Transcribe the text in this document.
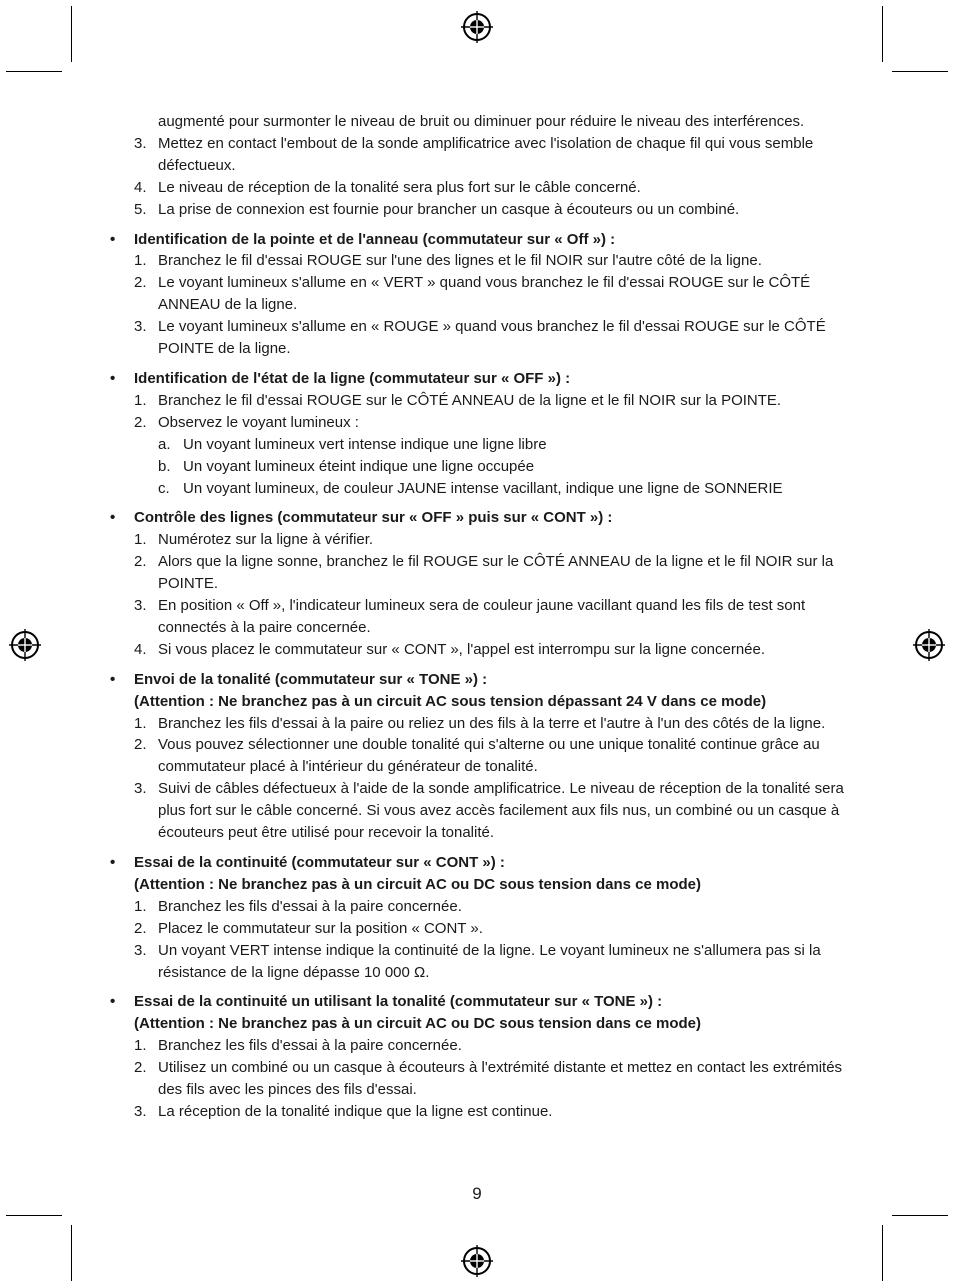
augmenté pour surmonter le niveau de bruit ou diminuer pour réduire le niveau des interférences.
3. Mettez en contact l'embout de la sonde amplificatrice avec l'isolation de chaque fil qui vous semble défectueux.
4. Le niveau de réception de la tonalité sera plus fort sur le câble concerné.
5. La prise de connexion est fournie pour brancher un casque à écouteurs ou un combiné.
• Identification de la pointe et de l'anneau (commutateur sur « Off ») :
1. Branchez le fil d'essai ROUGE sur l'une des lignes et le fil NOIR sur l'autre côté de la ligne.
2. Le voyant lumineux s'allume en « VERT » quand vous branchez le fil d'essai ROUGE sur le CÔTÉ ANNEAU de la ligne.
3. Le voyant lumineux s'allume en « ROUGE » quand vous branchez le fil d'essai ROUGE sur le CÔTÉ POINTE de la ligne.
• Identification de l'état de la ligne (commutateur sur « OFF ») :
1. Branchez le fil d'essai ROUGE sur le CÔTÉ ANNEAU de la ligne et le fil NOIR sur la POINTE.
2. Observez le voyant lumineux :
a. Un voyant lumineux vert intense indique une ligne libre
b. Un voyant lumineux éteint indique une ligne occupée
c. Un voyant lumineux, de couleur JAUNE intense vacillant, indique une ligne de SONNERIE
• Contrôle des lignes (commutateur sur « OFF » puis sur « CONT ») :
1. Numérotez sur la ligne à vérifier.
2. Alors que la ligne sonne, branchez le fil ROUGE sur le CÔTÉ ANNEAU de la ligne et le fil NOIR sur la POINTE.
3. En position « Off », l'indicateur lumineux sera de couleur jaune vacillant quand les fils de test sont connectés à la paire concernée.
4. Si vous placez le commutateur sur « CONT », l'appel est interrompu sur la ligne concernée.
• Envoi de la tonalité (commutateur sur « TONE ») :
(Attention : Ne branchez pas à un circuit AC sous tension dépassant 24 V dans ce mode)
1. Branchez les fils d'essai à la paire ou reliez un des fils à la terre et l'autre à l'un des côtés de la ligne.
2. Vous pouvez sélectionner une double tonalité qui s'alterne ou une unique tonalité continue grâce au commutateur placé à l'intérieur du générateur de tonalité.
3. Suivi de câbles défectueux à l'aide de la sonde amplificatrice. Le niveau de réception de la tonalité sera plus fort sur le câble concerné. Si vous avez accès facilement aux fils nus, un combiné ou un casque à écouteurs peut être utilisé pour recevoir la tonalité.
• Essai de la continuité (commutateur sur « CONT ») :
(Attention : Ne branchez pas à un circuit AC ou DC sous tension dans ce mode)
1. Branchez les fils d'essai à la paire concernée.
2. Placez le commutateur sur la position « CONT ».
3. Un voyant VERT intense indique la continuité de la ligne. Le voyant lumineux ne s'allumera pas si la résistance de la ligne dépasse 10 000 Ω.
• Essai de la continuité un utilisant la tonalité (commutateur sur « TONE ») :
(Attention : Ne branchez pas à un circuit AC ou DC sous tension dans ce mode)
1. Branchez les fils d'essai à la paire concernée.
2. Utilisez un combiné ou un casque à écouteurs à l'extrémité distante et mettez en contact les extrémités des fils avec les pinces des fils d'essai.
3. La réception de la tonalité indique que la ligne est continue.
9
